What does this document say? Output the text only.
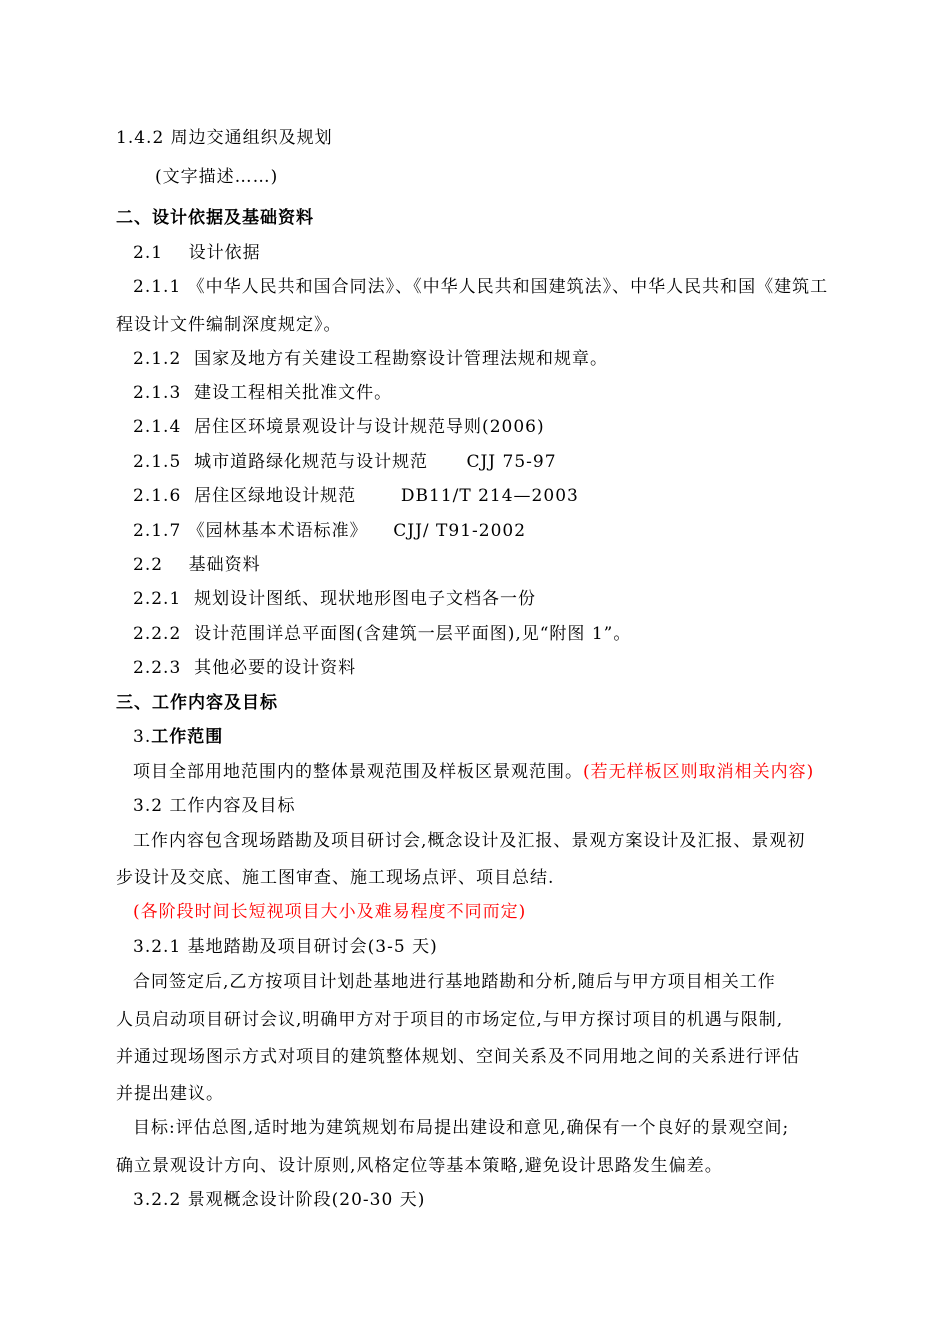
1.4.2 周边交通组织及规划
(文字描述……)
二、设计依据及基础资料
2.1    设计依据
2.1.1 《中华人民共和国合同法》、《中华人民共和国建筑法》、中华人民共和国《建筑工
程设计文件编制深度规定》。
2.1.2  国家及地方有关建设工程勘察设计管理法规和规章。
2.1.3  建设工程相关批准文件。
2.1.4  居住区环境景观设计与设计规范导则(2006)
2.1.5  城市道路绿化规范与设计规范      CJJ 75-97
2.1.6  居住区绿地设计规范       DB11/T 214—2003
2.1.7 《园林基本术语标准》    CJJ/ T91-2002
2.2    基础资料
2.2.1  规划设计图纸、现状地形图电子文档各一份
2.2.2  设计范围详总平面图(含建筑一层平面图),见“附图 1”。
2.2.3  其他必要的设计资料
三、工作内容及目标
3.工作范围
项目全部用地范围内的整体景观范围及样板区景观范围。(若无样板区则取消相关内容)
3.2 工作内容及目标
工作内容包含现场踏勘及项目研讨会,概念设计及汇报、景观方案设计及汇报、景观初
步设计及交底、施工图审查、施工现场点评、项目总结.
(各阶段时间长短视项目大小及难易程度不同而定)
3.2.1 基地踏勘及项目研讨会(3-5 天)
合同签定后,乙方按项目计划赴基地进行基地踏勘和分析,随后与甲方项目相关工作
人员启动项目研讨会议,明确甲方对于项目的市场定位,与甲方探讨项目的机遇与限制,
并通过现场图示方式对项目的建筑整体规划、空间关系及不同用地之间的关系进行评估
并提出建议。
目标:评估总图,适时地为建筑规划布局提出建设和意见,确保有一个良好的景观空间;
确立景观设计方向、设计原则,风格定位等基本策略,避免设计思路发生偏差。
3.2.2 景观概念设计阶段(20-30 天)
